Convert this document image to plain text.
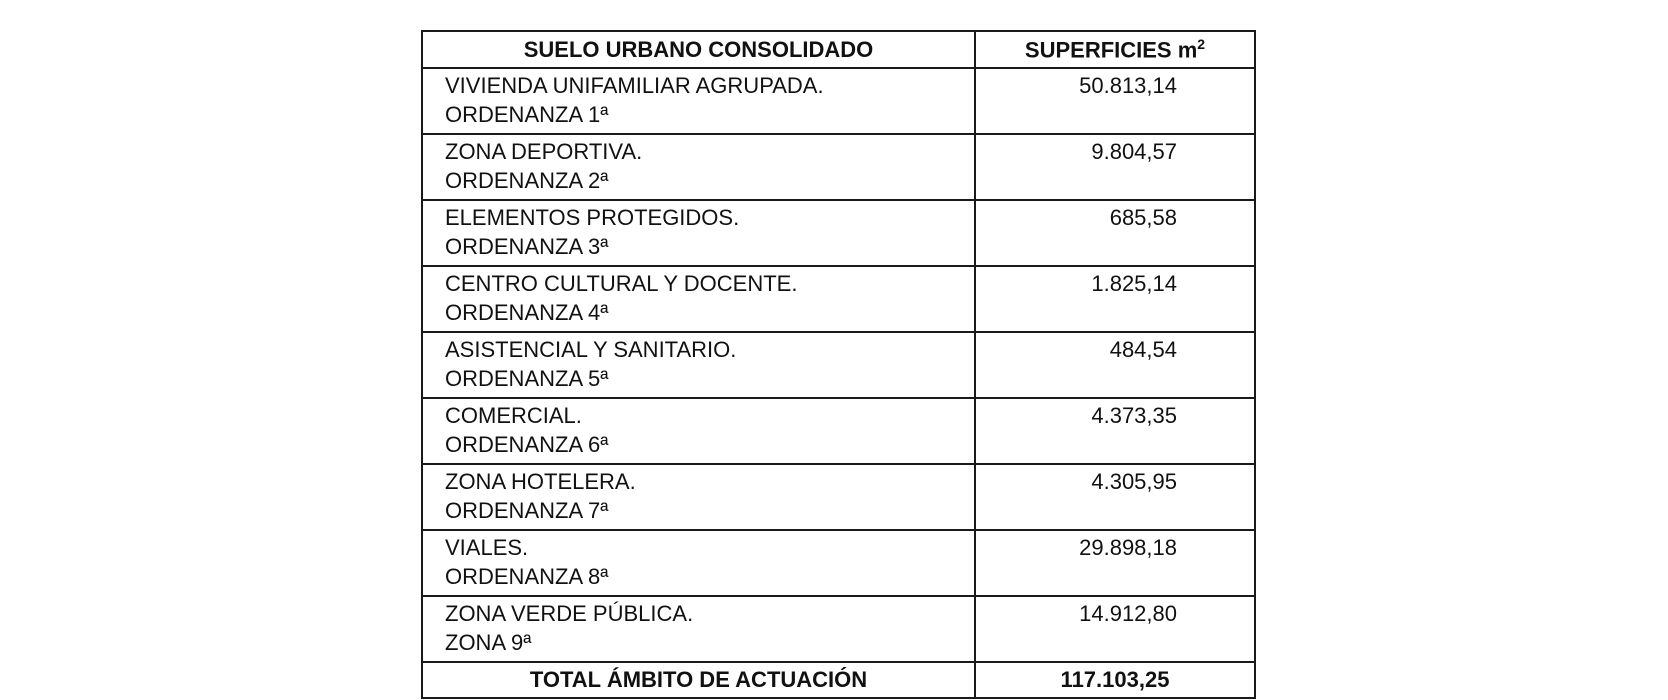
SUELO URBANO CONSOLIDADO	SUPERFICIES $m^2$

VIVIENDA UNIFAMILIAR AGRUPADA.
ORDENANZA 1ª	50.813,14

ZONA DEPORTIVA.
ORDENANZA 2ª	9.804,57

ELEMENTOS PROTEGIDOS.
ORDENANZA 3ª	685,58

CENTRO CULTURAL Y DOCENTE.
ORDENANZA 4ª	1.825,14

ASISTENCIAL Y SANITARIO.
ORDENANZA 5ª	484,54

COMERCIAL.
ORDENANZA 6ª	4.373,35

ZONA HOTELERA.
ORDENANZA 7ª	4.305,95

VIALES.
ORDENANZA 8ª	29.898,18

ZONA VERDE PÚBLICA.
ZONA 9ª	14.912,80
TOTAL ÁMBITO DE ACTUACIÓN	117.103,25
